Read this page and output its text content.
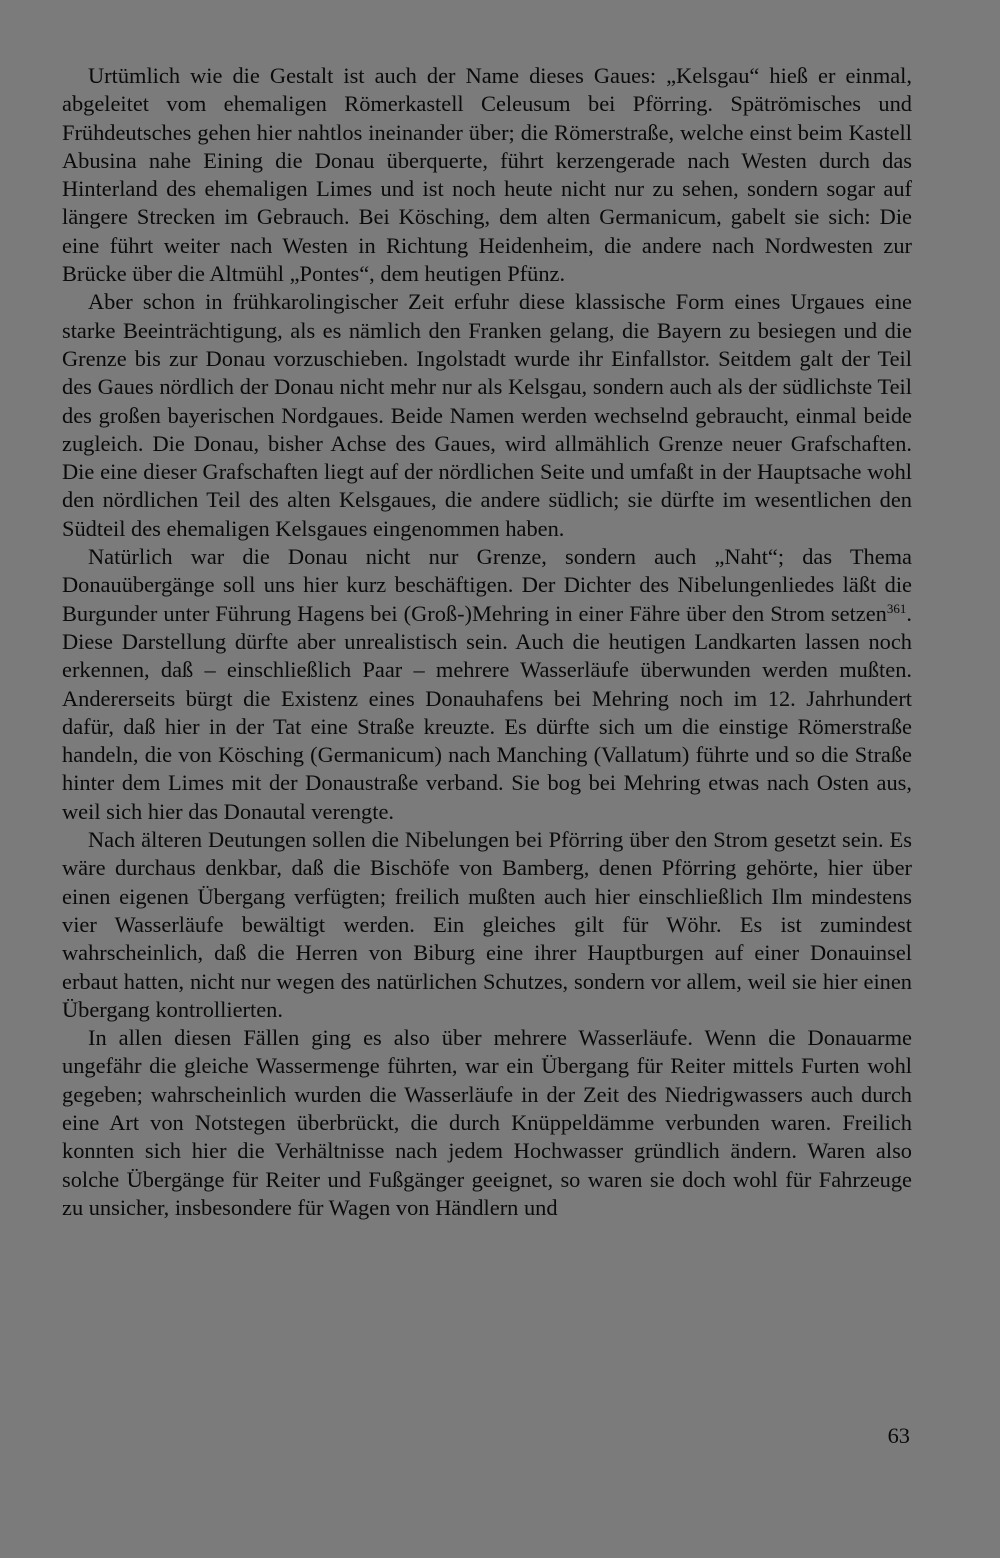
Urtümlich wie die Gestalt ist auch der Name dieses Gaues: „Kelsgau“ hieß er einmal, abgeleitet vom ehemaligen Römerkastell Celeusum bei Pförring. Spätrömisches und Frühdeutsches gehen hier nahtlos ineinander über; die Römerstraße, welche einst beim Kastell Abusina nahe Eining die Donau überquerte, führt kerzengerade nach Westen durch das Hinterland des ehemaligen Limes und ist noch heute nicht nur zu sehen, sondern sogar auf längere Strecken im Gebrauch. Bei Kösching, dem alten Germanicum, gabelt sie sich: Die eine führt weiter nach Westen in Richtung Heidenheim, die andere nach Nordwesten zur Brücke über die Altmühl „Pontes“, dem heutigen Pfünz.

Aber schon in frühkarolingischer Zeit erfuhr diese klassische Form eines Urgaues eine starke Beeinträchtigung, als es nämlich den Franken gelang, die Bayern zu besiegen und die Grenze bis zur Donau vorzuschieben. Ingolstadt wurde ihr Einfallstor. Seitdem galt der Teil des Gaues nördlich der Donau nicht mehr nur als Kelsgau, sondern auch als der südlichste Teil des großen bayerischen Nordgaues. Beide Namen werden wechselnd gebraucht, einmal beide zugleich. Die Donau, bisher Achse des Gaues, wird allmählich Grenze neuer Grafschaften. Die eine dieser Grafschaften liegt auf der nördlichen Seite und umfaßt in der Hauptsache wohl den nördlichen Teil des alten Kelsgaues, die andere südlich; sie dürfte im wesentlichen den Südteil des ehemaligen Kelsgaues eingenommen haben.

Natürlich war die Donau nicht nur Grenze, sondern auch „Naht“; das Thema Donauübergänge soll uns hier kurz beschäftigen. Der Dichter des Nibelungenliedes läßt die Burgunder unter Führung Hagens bei (Groß-)Mehring in einer Fähre über den Strom setzen$^{361}$. Diese Darstellung dürfte aber unrealistisch sein. Auch die heutigen Landkarten lassen noch erkennen, daß – einschließlich Paar – mehrere Wasserläufe überwunden werden mußten. Andererseits bürgt die Existenz eines Donauhafens bei Mehring noch im 12. Jahrhundert dafür, daß hier in der Tat eine Straße kreuzte. Es dürfte sich um die einstige Römerstraße handeln, die von Kösching (Germanicum) nach Manching (Vallatum) führte und so die Straße hinter dem Limes mit der Donaustraße verband. Sie bog bei Mehring etwas nach Osten aus, weil sich hier das Donautal verengte.

Nach älteren Deutungen sollen die Nibelungen bei Pförring über den Strom gesetzt sein. Es wäre durchaus denkbar, daß die Bischöfe von Bamberg, denen Pförring gehörte, hier über einen eigenen Übergang verfügten; freilich mußten auch hier einschließlich Ilm mindestens vier Wasserläufe bewältigt werden. Ein gleiches gilt für Wöhr. Es ist zumindest wahrscheinlich, daß die Herren von Biburg eine ihrer Hauptburgen auf einer Donauinsel erbaut hatten, nicht nur wegen des natürlichen Schutzes, sondern vor allem, weil sie hier einen Übergang kontrollierten.

In allen diesen Fällen ging es also über mehrere Wasserläufe. Wenn die Donauarme ungefähr die gleiche Wassermenge führten, war ein Übergang für Reiter mittels Furten wohl gegeben; wahrscheinlich wurden die Wasserläufe in der Zeit des Niedrigwassers auch durch eine Art von Notstegen überbrückt, die durch Knüppeldämme verbunden waren. Freilich konnten sich hier die Verhältnisse nach jedem Hochwasser gründlich ändern. Waren also solche Übergänge für Reiter und Fußgänger geeignet, so waren sie doch wohl für Fahrzeuge zu unsicher, insbesondere für Wagen von Händlern und

63
